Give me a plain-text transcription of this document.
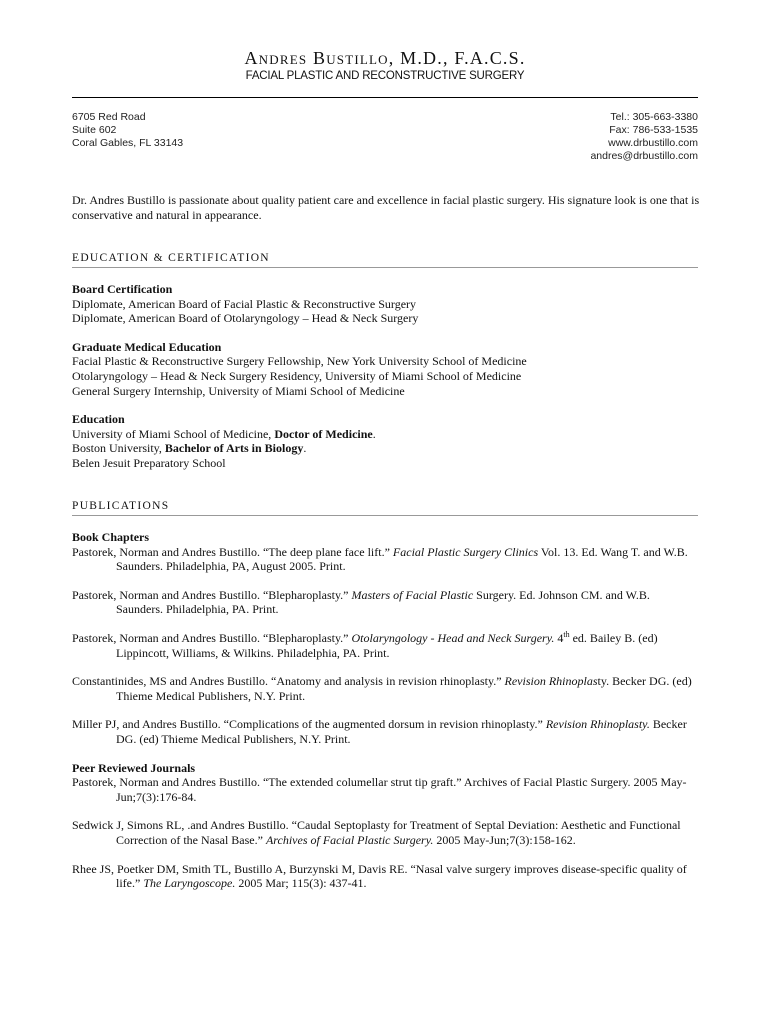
Andres Bustillo, M.D., F.A.C.S.
FACIAL PLASTIC AND RECONSTRUCTIVE SURGERY
6705 Red Road
Suite 602
Coral Gables, FL 33143
Tel.: 305-663-3380
Fax: 786-533-1535
www.drbustillo.com
andres@drbustillo.com
Dr. Andres Bustillo is passionate about quality patient care and excellence in facial plastic surgery. His signature look is one that is conservative and natural in appearance.
EDUCATION & CERTIFICATION
Board Certification
Diplomate, American Board of Facial Plastic & Reconstructive Surgery
Diplomate, American Board of Otolaryngology – Head & Neck Surgery
Graduate Medical Education
Facial Plastic & Reconstructive Surgery Fellowship, New York University School of Medicine
Otolaryngology – Head & Neck Surgery Residency, University of Miami School of Medicine
General Surgery Internship, University of Miami School of Medicine
Education
University of Miami School of Medicine, Doctor of Medicine.
Boston University, Bachelor of Arts in Biology.
Belen Jesuit Preparatory School
PUBLICATIONS
Book Chapters

Pastorek, Norman and Andres Bustillo. “The deep plane face lift.” Facial Plastic Surgery Clinics Vol. 13. Ed. Wang T. and W.B. Saunders. Philadelphia, PA, August 2005. Print.

Pastorek, Norman and Andres Bustillo. “Blepharoplasty.” Masters of Facial Plastic Surgery. Ed. Johnson CM. and W.B. Saunders. Philadelphia, PA. Print.

Pastorek, Norman and Andres Bustillo. “Blepharoplasty.” Otolaryngology - Head and Neck Surgery. 4th ed. Bailey B. (ed) Lippincott, Williams, & Wilkins. Philadelphia, PA. Print.

Constantinides, MS and Andres Bustillo. “Anatomy and analysis in revision rhinoplasty.” Revision Rhinoplasty. Becker DG. (ed) Thieme Medical Publishers, N.Y. Print.

Miller PJ, and Andres Bustillo. “Complications of the augmented dorsum in revision rhinoplasty.” Revision Rhinoplasty. Becker DG. (ed) Thieme Medical Publishers, N.Y. Print.

Peer Reviewed Journals

Pastorek, Norman and Andres Bustillo. “The extended columellar strut tip graft.” Archives of Facial Plastic Surgery. 2005 May-Jun;7(3):176-84.

Sedwick J, Simons RL, .and Andres Bustillo. “Caudal Septoplasty for Treatment of Septal Deviation: Aesthetic and Functional Correction of the Nasal Base.” Archives of Facial Plastic Surgery. 2005 May-Jun;7(3):158-162.

Rhee JS, Poetker DM, Smith TL, Bustillo A, Burzynski M, Davis RE. “Nasal valve surgery improves disease-specific quality of life.” The Laryngoscope. 2005 Mar; 115(3): 437-41.
